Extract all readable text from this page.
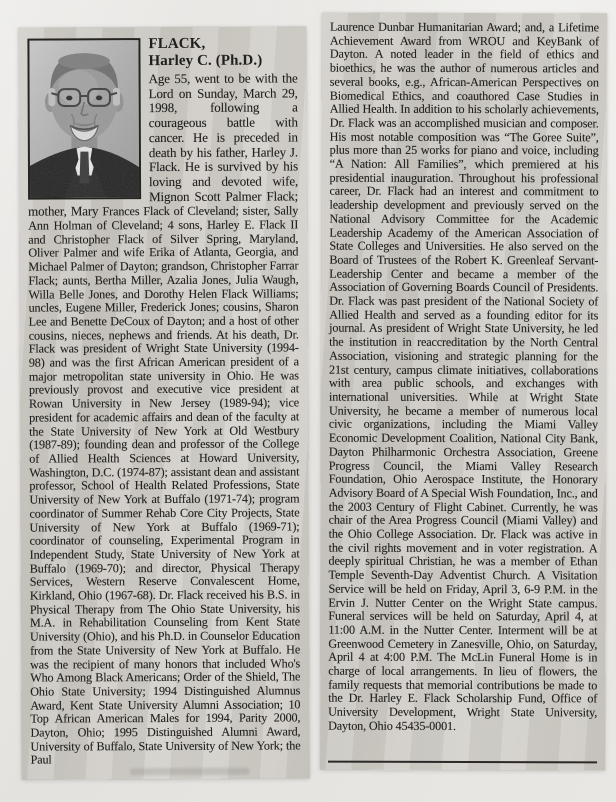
FLACK,
Harley C. (Ph.D.)

Age 55, went to be with the Lord on Sunday, March 29, 1998, following a courageous battle with cancer. He is preceded in death by his father, Harley J. Flack. He is survived by his loving and devoted wife, Mignon Scott Palmer Flack; mother, Mary Frances Flack of Cleveland; sister, Sally Ann Holman of Cleveland; 4 sons, Harley E. Flack II and Christopher Flack of Silver Spring, Maryland, Oliver Palmer and wife Erika of Atlanta, Georgia, and Michael Palmer of Dayton; grandson, Christopher Farrar Flack; aunts, Bertha Miller, Azalia Jones, Julia Waugh, Willa Belle Jones, and Dorothy Helen Flack Williams; uncles, Eugene Miller, Frederick Jones; cousins, Sharon Lee and Benette DeCoux of Dayton; and a host of other cousins, nieces, nephews and friends. At his death, Dr. Flack was president of Wright State University (1994-98) and was the first African American president of a major metropolitan state university in Ohio. He was previously provost and executive vice president at Rowan University in New Jersey (1989-94); vice president for academic affairs and dean of the faculty at the State University of New York at Old Westbury (1987-89); founding dean and professor of the College of Allied Health Sciences at Howard University, Washington, D.C. (1974-87); assistant dean and assistant professor, School of Health Related Professions, State University of New York at Buffalo (1971-74); program coordinator of Summer Rehab Core City Projects, State University of New York at Buffalo (1969-71); coordinator of counseling, Experimental Program in Independent Study, State University of New York at Buffalo (1969-70); and director, Physical Therapy Services, Western Reserve Convalescent Home, Kirkland, Ohio (1967-68). Dr. Flack received his B.S. in Physical Therapy from The Ohio State University, his M.A. in Rehabilitation Counseling from Kent State University (Ohio), and his Ph.D. in Counselor Education from the State University of New York at Buffalo. He was the recipient of many honors that included Who's Who Among Black Americans; Order of the Shield, The Ohio State University; 1994 Distinguished Alumnus Award, Kent State University Alumni Association; 10 Top African American Males for 1994, Parity 2000, Dayton, Ohio; 1995 Distinguished Alumni Award, University of Buffalo, State University of New York; the Paul

Laurence Dunbar Humanitarian Award; and, a Lifetime Achievement Award from WROU and KeyBank of Dayton. A noted leader in the field of ethics and bioethics, he was the author of numerous articles and several books, e.g., African-American Perspectives on Biomedical Ethics, and coauthored Case Studies in Allied Health. In addition to his scholarly achievements, Dr. Flack was an accomplished musician and composer. His most notable composition was “The Goree Suite”, plus more than 25 works for piano and voice, including “A Nation: All Families”, which premiered at his presidential inauguration. Throughout his professional career, Dr. Flack had an interest and commitment to leadership development and previously served on the National Advisory Committee for the Academic Leadership Academy of the American Association of State Colleges and Universities. He also served on the Board of Trustees of the Robert K. Greenleaf Servant-Leadership Center and became a member of the Association of Governing Boards Council of Presidents. Dr. Flack was past president of the National Society of Allied Health and served as a founding editor for its journal. As president of Wright State University, he led the institution in reaccreditation by the North Central Association, visioning and strategic planning for the 21st century, campus climate initiatives, collaborations with area public schools, and exchanges with international universities. While at Wright State University, he became a member of numerous local civic organizations, including the Miami Valley Economic Development Coalition, National City Bank, Dayton Philharmonic Orchestra Association, Greene Progress Council, the Miami Valley Research Foundation, Ohio Aerospace Institute, the Honorary Advisory Board of A Special Wish Foundation, Inc., and the 2003 Century of Flight Cabinet. Currently, he was chair of the Area Progress Council (Miami Valley) and the Ohio College Association. Dr. Flack was active in the civil rights movement and in voter registration. A deeply spiritual Christian, he was a member of Ethan Temple Seventh-Day Adventist Church. A Visitation Service will be held on Friday, April 3, 6-9 P.M. in the Ervin J. Nutter Center on the Wright State campus. Funeral services will be held on Saturday, April 4, at 11:00 A.M. in the Nutter Center. Interment will be at Greenwood Cemetery in Zanesville, Ohio, on Saturday, April 4 at 4:00 P.M. The McLin Funeral Home is in charge of local arrangements. In lieu of flowers, the family requests that memorial contributions be made to the Dr. Harley E. Flack Scholarship Fund, Office of University Development, Wright State University, Dayton, Ohio 45435-0001.
